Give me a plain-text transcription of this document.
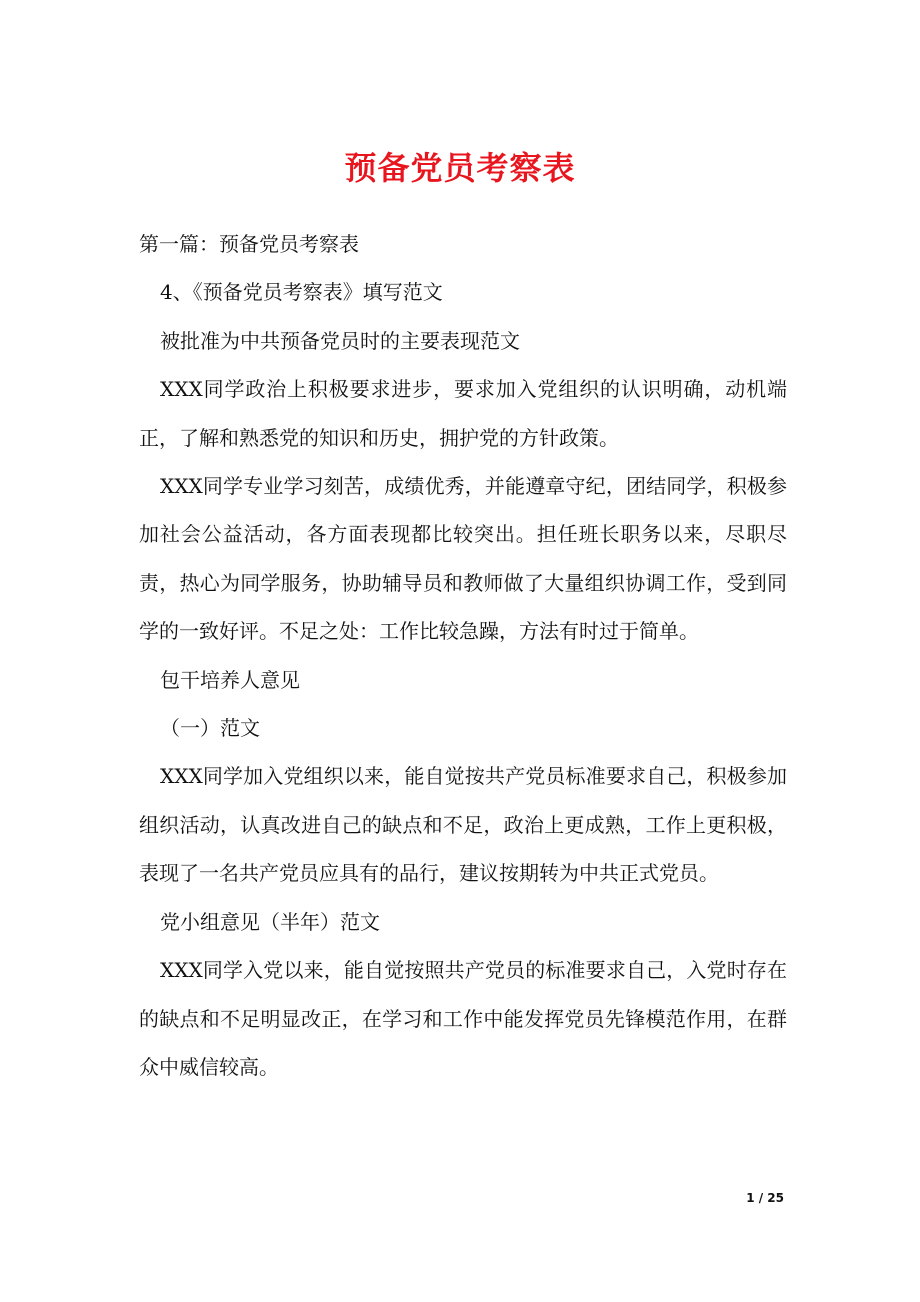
预备党员考察表

第一篇：预备党员考察表

4、《预备党员考察表》填写范文

被批准为中共预备党员时的主要表现范文

XXX同学政治上积极要求进步，要求加入党组织的认识明确，动机端正，了解和熟悉党的知识和历史，拥护党的方针政策。

XXX同学专业学习刻苦，成绩优秀，并能遵章守纪，团结同学，积极参加社会公益活动，各方面表现都比较突出。担任班长职务以来，尽职尽责，热心为同学服务，协助辅导员和教师做了大量组织协调工作，受到同学的一致好评。不足之处：工作比较急躁，方法有时过于简单。

包干培养人意见

（一）范文

XXX同学加入党组织以来，能自觉按共产党员标准要求自己，积极参加组织活动，认真改进自己的缺点和不足，政治上更成熟，工作上更积极，表现了一名共产党员应具有的品行，建议按期转为中共正式党员。

党小组意见（半年）范文

XXX同学入党以来，能自觉按照共产党员的标准要求自己，入党时存在的缺点和不足明显改正，在学习和工作中能发挥党员先锋模范作用，在群众中威信较高。

1 / 25
